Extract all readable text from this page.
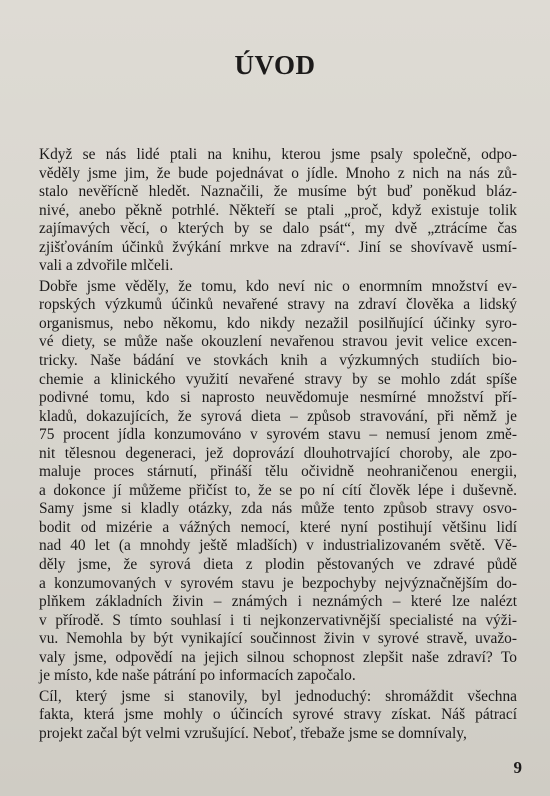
ÚVOD
Když se nás lidé ptali na knihu, kterou jsme psaly společně, odpo-
věděly jsme jim, že bude pojednávat o jídle. Mnoho z nich na nás zů-
stalo nevěřícně hledět. Naznačili, že musíme být buď poněkud bláz-
nivé, anebo pěkně potrhlé. Někteří se ptali „proč, když existuje tolik
zajímavých věcí, o kterých by se dalo psát“, my dvě „ztrácíme čas
zjišťováním účinků žvýkání mrkve na zdraví“. Jiní se shovívavě usmí-
vali a zdvořile mlčeli.
Dobře jsme věděly, že tomu, kdo neví nic o enormním množství ev-
ropských výzkumů účinků nevařené stravy na zdraví člověka a lidský
organismus, nebo někomu, kdo nikdy nezažil posilňující účinky syro-
vé diety, se může naše okouzlení nevařenou stravou jevit velice excen-
tricky. Naše bádání ve stovkách knih a výzkumných studiích bio-
chemie a klinického využití nevařené stravy by se mohlo zdát spíše
podivné tomu, kdo si naprosto neuvědomuje nesmírné množství pří-
kladů, dokazujících, že syrová dieta – způsob stravování, při němž je
75 procent jídla konzumováno v syrovém stavu – nemusí jenom změ-
nit tělesnou degeneraci, jež doprovází dlouhotrvající choroby, ale zpo-
maluje proces stárnutí, přináší tělu očividně neohraničenou energii,
a dokonce jí můžeme přičíst to, že se po ní cítí člověk lépe i duševně.
Samy jsme si kladly otázky, zda nás může tento způsob stravy osvo-
bodit od mizérie a vážných nemocí, které nyní postihují většinu lidí
nad 40 let (a mnohdy ještě mladších) v industrializovaném světě. Vě-
děly jsme, že syrová dieta z plodin pěstovaných ve zdravé půdě
a konzumovaných v syrovém stavu je bezpochyby nejvýznačnějším do-
plňkem základních živin – známých i neznámých – které lze nalézt
v přírodě. S tímto souhlasí i ti nejkonzervativnější specialisté na výži-
vu. Nemohla by být vynikající součinnost živin v syrové stravě, uvažo-
valy jsme, odpovědí na jejich silnou schopnost zlepšit naše zdraví? To
je místo, kde naše pátrání po informacích započalo.
Cíl, který jsme si stanovily, byl jednoduchý: shromáždit všechna
fakta, která jsme mohly o účincích syrové stravy získat. Náš pátrací
projekt začal být velmi vzrušující. Neboť, třebaže jsme se domnívaly,
9
